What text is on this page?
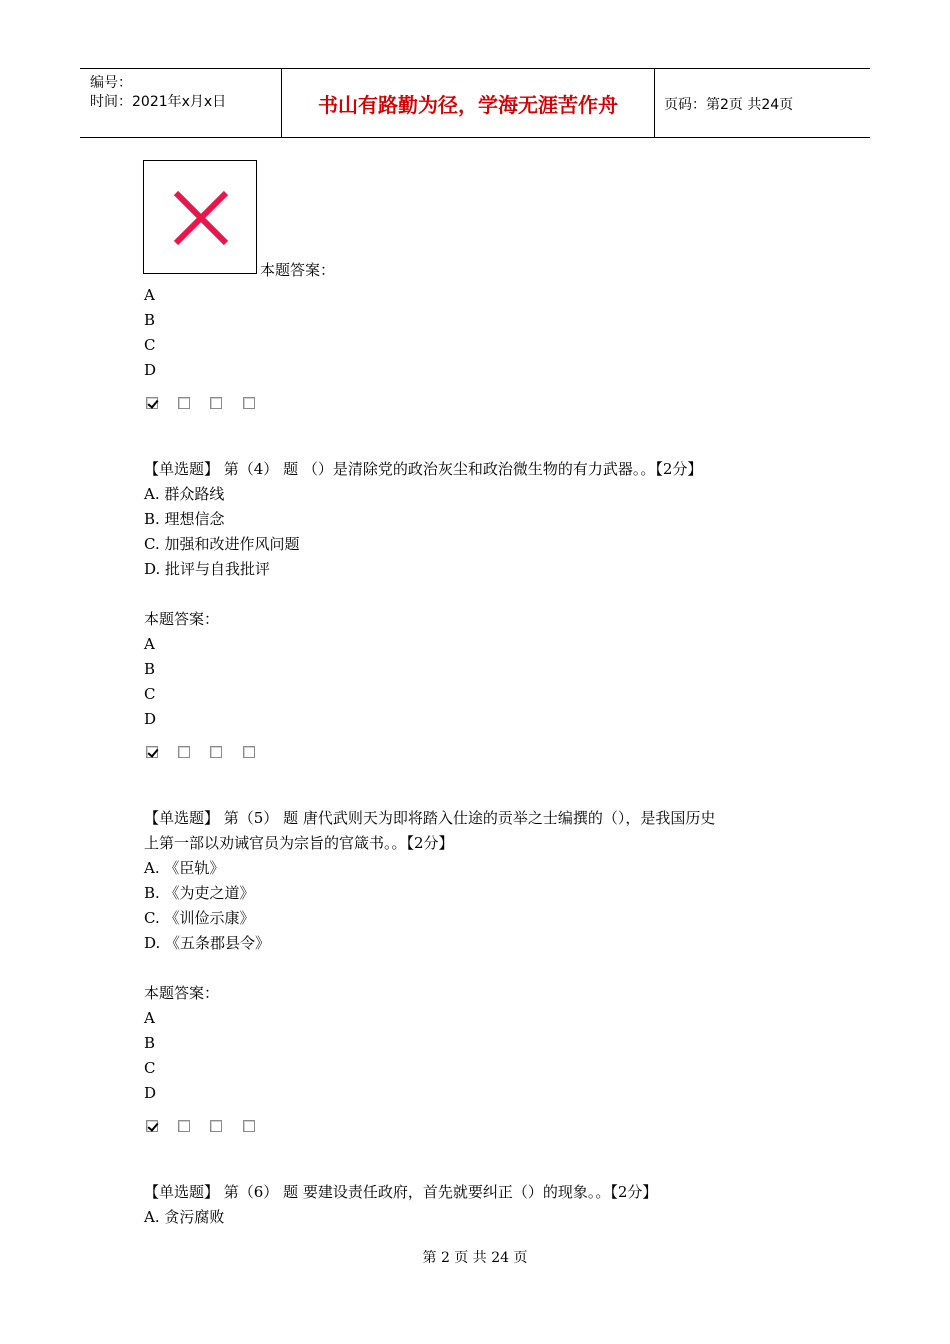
编号：
时间：2021年x月x日	书山有路勤为径，学海无涯苦作舟	页码：第2页 共24页
本题答案：
A
B
C
D
【单选题】 第（4） 题 （）是清除党的政治灰尘和政治微生物的有力武器。。【2分】
A. 群众路线
B. 理想信念
C. 加强和改进作风问题
D. 批评与自我批评
本题答案：
A
B
C
D
【单选题】 第（5） 题 唐代武则天为即将踏入仕途的贡举之士编撰的（），是我国历史
上第一部以劝诫官员为宗旨的官箴书。。【2分】
A. 《臣轨》
B. 《为吏之道》
C. 《训俭示康》
D. 《五条郡县令》
本题答案：
A
B
C
D
【单选题】 第（6） 题 要建设责任政府，首先就要纠正（）的现象。。【2分】
A. 贪污腐败
第 2 页 共 24 页
